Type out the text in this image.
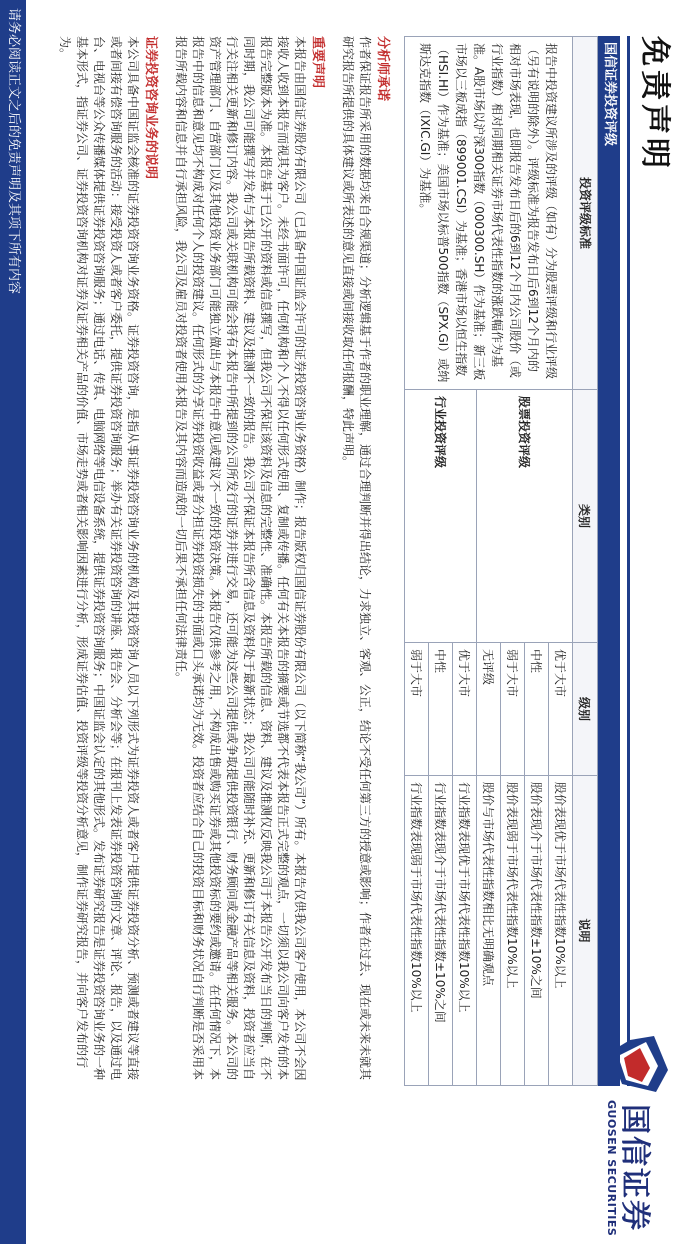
免责声明
国信证券
GUOSEN SECURITIES
国信证券投资评级
投资评级标准	类别	级别	说明
报告中投资建议所涉及的评级（如有）分为股票评级和行业评级（另有说明的除外）。评级标准为报告发布日后6到12个月内的相对市场表现，也即报告发布日后的6到12个月内公司股价（或行业指数）相对同期相关证券市场代表性指数的涨跌幅作为基准。A股市场以沪深300指数（000300.SH）作为基准；新三板市场以三板成指（899001.CSI）为基准；香港市场以恒生指数（HSI.HI）作为基准；美国市场以标普500指数（SPX.GI）或纳斯达克指数（IXIC.GI）为基准。	股票投资评级	优于大市	股价表现优于市场代表性指数10%以上
		中性	股价表现介于市场代表性指数±10%之间
		弱于大市	股价表现弱于市场代表性指数10%以上
		无评级	股价与市场代表性指数相比无明确观点
	行业投资评级	优于大市	行业指数表现优于市场代表性指数10%以上
		中性	行业指数表现介于市场代表性指数±10%之间
		弱于大市	行业指数表现弱于市场代表性指数10%以上
分析师承诺
作者保证报告所采用的数据均来自合规渠道；分析逻辑基于作者的职业理解，通过合理判断并得出结论，力求独立、客观、公正，结论不受任何第三方的授意或影响；作者在过去、现在或未来未就其研究报告所提供的具体建议或所表述的意见直接或间接收取任何报酬，特此声明。
重要声明
本报告由国信证券股份有限公司（已具备中国证监会许可的证券投资咨询业务资格）制作；报告版权归国信证券股份有限公司（以下简称“我公司”）所有。本报告仅供我公司客户使用，本公司不会因接收人收到本报告而视其为客户。未经书面许可，任何机构和个人不得以任何形式使用、复制或传播。任何有关本报告的摘要或节选都不代表本报告正式完整的观点，一切须以我公司向客户发布的本报告完整版本为准。本报告基于已公开的资料或信息撰写，但我公司不保证该资料及信息的完整性、准确性。本报告所载的信息、资料、建议及推测仅反映我公司于本报告公开发布当日的判断，在不同时期，我公司可能撰写并发布与本报告所载资料、建议及推测不一致的报告。我公司不保证本报告所含信息及资料处于最新状态；我公司可能随时补充、更新和修订有关信息及资料，投资者应当自行关注相关更新和修订内容。我公司或关联机构可能会持有本报告中所提到的公司所发行的证券并进行交易，还可能为这些公司提供或争取提供投资银行、财务顾问或金融产品等相关服务。本公司的资产管理部门、自营部门以及其他投资业务部门可能独立做出与本报告中意见或建议不一致的投资决策。本报告仅供参考之用，不构成出售或购买证券或其他投资标的要约或邀请。在任何情况下，本报告中的信息和意见均不构成对任何个人的投资建议。任何形式的分享证券投资收益或者分担证券投资损失的书面或口头承诺均为无效。投资者应结合自己的投资目标和财务状况自行判断是否采用本报告所载内容和信息并自行承担风险，我公司及雇员对投资者使用本报告及其内容而造成的一切后果不承担任何法律责任。
证券投资咨询业务的说明
本公司具备中国证监会核准的证券投资咨询业务资格。证券投资咨询，是指从事证券投资咨询业务的机构及其投资咨询人员以下列形式为证券投资人或者客户提供证券投资分析、预测或者建议等直接或者间接有偿咨询服务的活动：接受投资人或者客户委托，提供证券投资咨询服务；举办有关证券投资咨询的讲座、报告会、分析会等；在报刊上发表证券投资咨询的文章、评论、报告，以及通过电台、电视台等公众传播媒体提供证券投资咨询服务；通过电话、传真、电脑网络等电信设备系统，提供证券投资咨询服务；中国证监会认定的其他形式。发布证券研究报告是证券投资咨询业务的一种基本形式，指证券公司、证券投资咨询机构对证券及证券相关产品的价值、市场走势或者相关影响因素进行分析，形成证券估值、投资评级等投资分析意见，制作证券研究报告，并向客户发布的行为。
请务必阅读正文之后的免责声明及其项下所有内容
